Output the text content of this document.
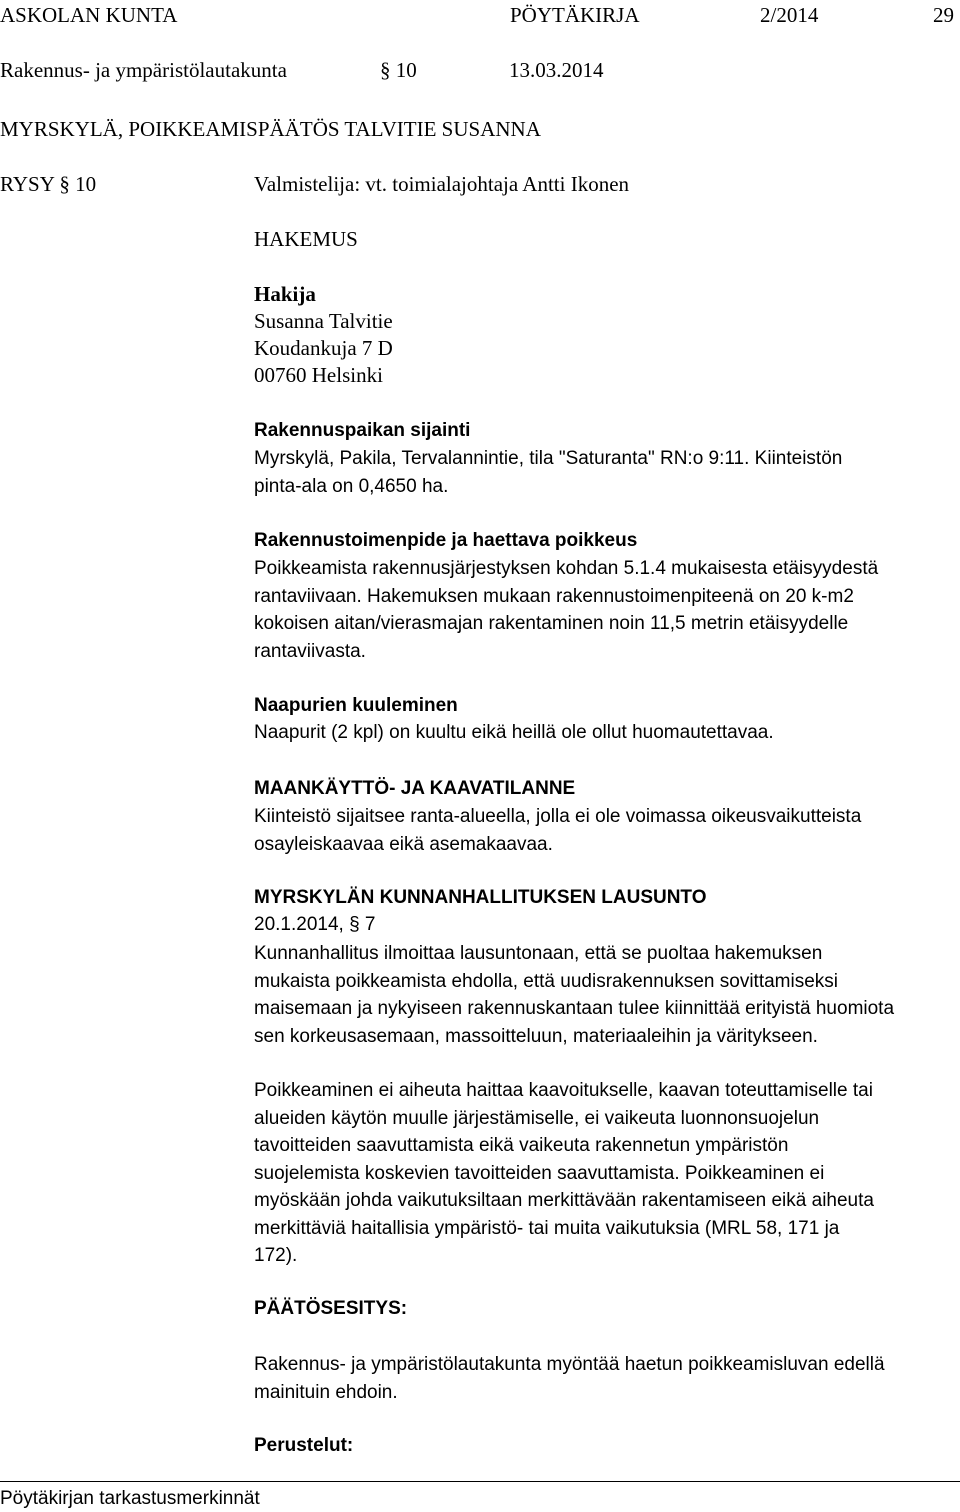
ASKOLAN KUNTA	PÖYTÄKIRJA	2/2014	29
Rakennus- ja ympäristölautakunta	§ 10	13.03.2014
MYRSKYLÄ, POIKKEAMISPÄÄTÖS TALVITIE SUSANNA
RYSY § 10	Valmistelija: vt. toimialajohtaja Antti Ikonen
HAKEMUS
Hakija
Susanna Talvitie
Koudankuja 7 D
00760 Helsinki
Rakennuspaikan sijainti
Myrskylä, Pakila, Tervalannintie, tila "Saturanta" RN:o 9:11. Kiinteistön
pinta-ala on 0,4650 ha.
Rakennustoimenpide ja haettava poikkeus
Poikkeamista rakennusjärjestyksen kohdan 5.1.4 mukaisesta etäisyydestä
rantaviivaan. Hakemuksen mukaan rakennustoimenpiteenä on 20 k-m2
kokoisen aitan/vierasmajan rakentaminen noin 11,5 metrin etäisyydelle
rantaviivasta.
Naapurien kuuleminen
Naapurit (2 kpl) on kuultu eikä heillä ole ollut huomautettavaa.
MAANKÄYTTÖ- JA KAAVATILANNE
Kiinteistö sijaitsee ranta-alueella, jolla ei ole voimassa oikeusvaikutteista
osayleiskaavaa eikä asemakaavaa.
MYRSKYLÄN KUNNANHALLITUKSEN LAUSUNTO
20.1.2014, § 7
Kunnanhallitus ilmoittaa lausuntonaan, että se puoltaa hakemuksen
mukaista poikkeamista ehdolla, että uudisrakennuksen sovittamiseksi
maisemaan ja nykyiseen rakennuskantaan tulee kiinnittää erityistä huomiota
sen korkeusasemaan, massoitteluun, materiaaleihin ja väritykseen.
Poikkeaminen ei aiheuta haittaa kaavoitukselle, kaavan toteuttamiselle tai
alueiden käytön muulle järjestämiselle, ei vaikeuta luonnonsuojelun
tavoitteiden saavuttamista eikä vaikeuta rakennetun ympäristön
suojelemista koskevien tavoitteiden saavuttamista. Poikkeaminen ei
myöskään johda vaikutuksiltaan merkittävään rakentamiseen eikä aiheuta
merkittäviä haitallisia ympäristö- tai muita vaikutuksia (MRL 58, 171 ja
172).
PÄÄTÖSESITYS:
Rakennus- ja ympäristölautakunta myöntää haetun poikkeamisluvan edellä
mainituin ehdoin.
Perustelut:
Pöytäkirjan tarkastusmerkinnät
